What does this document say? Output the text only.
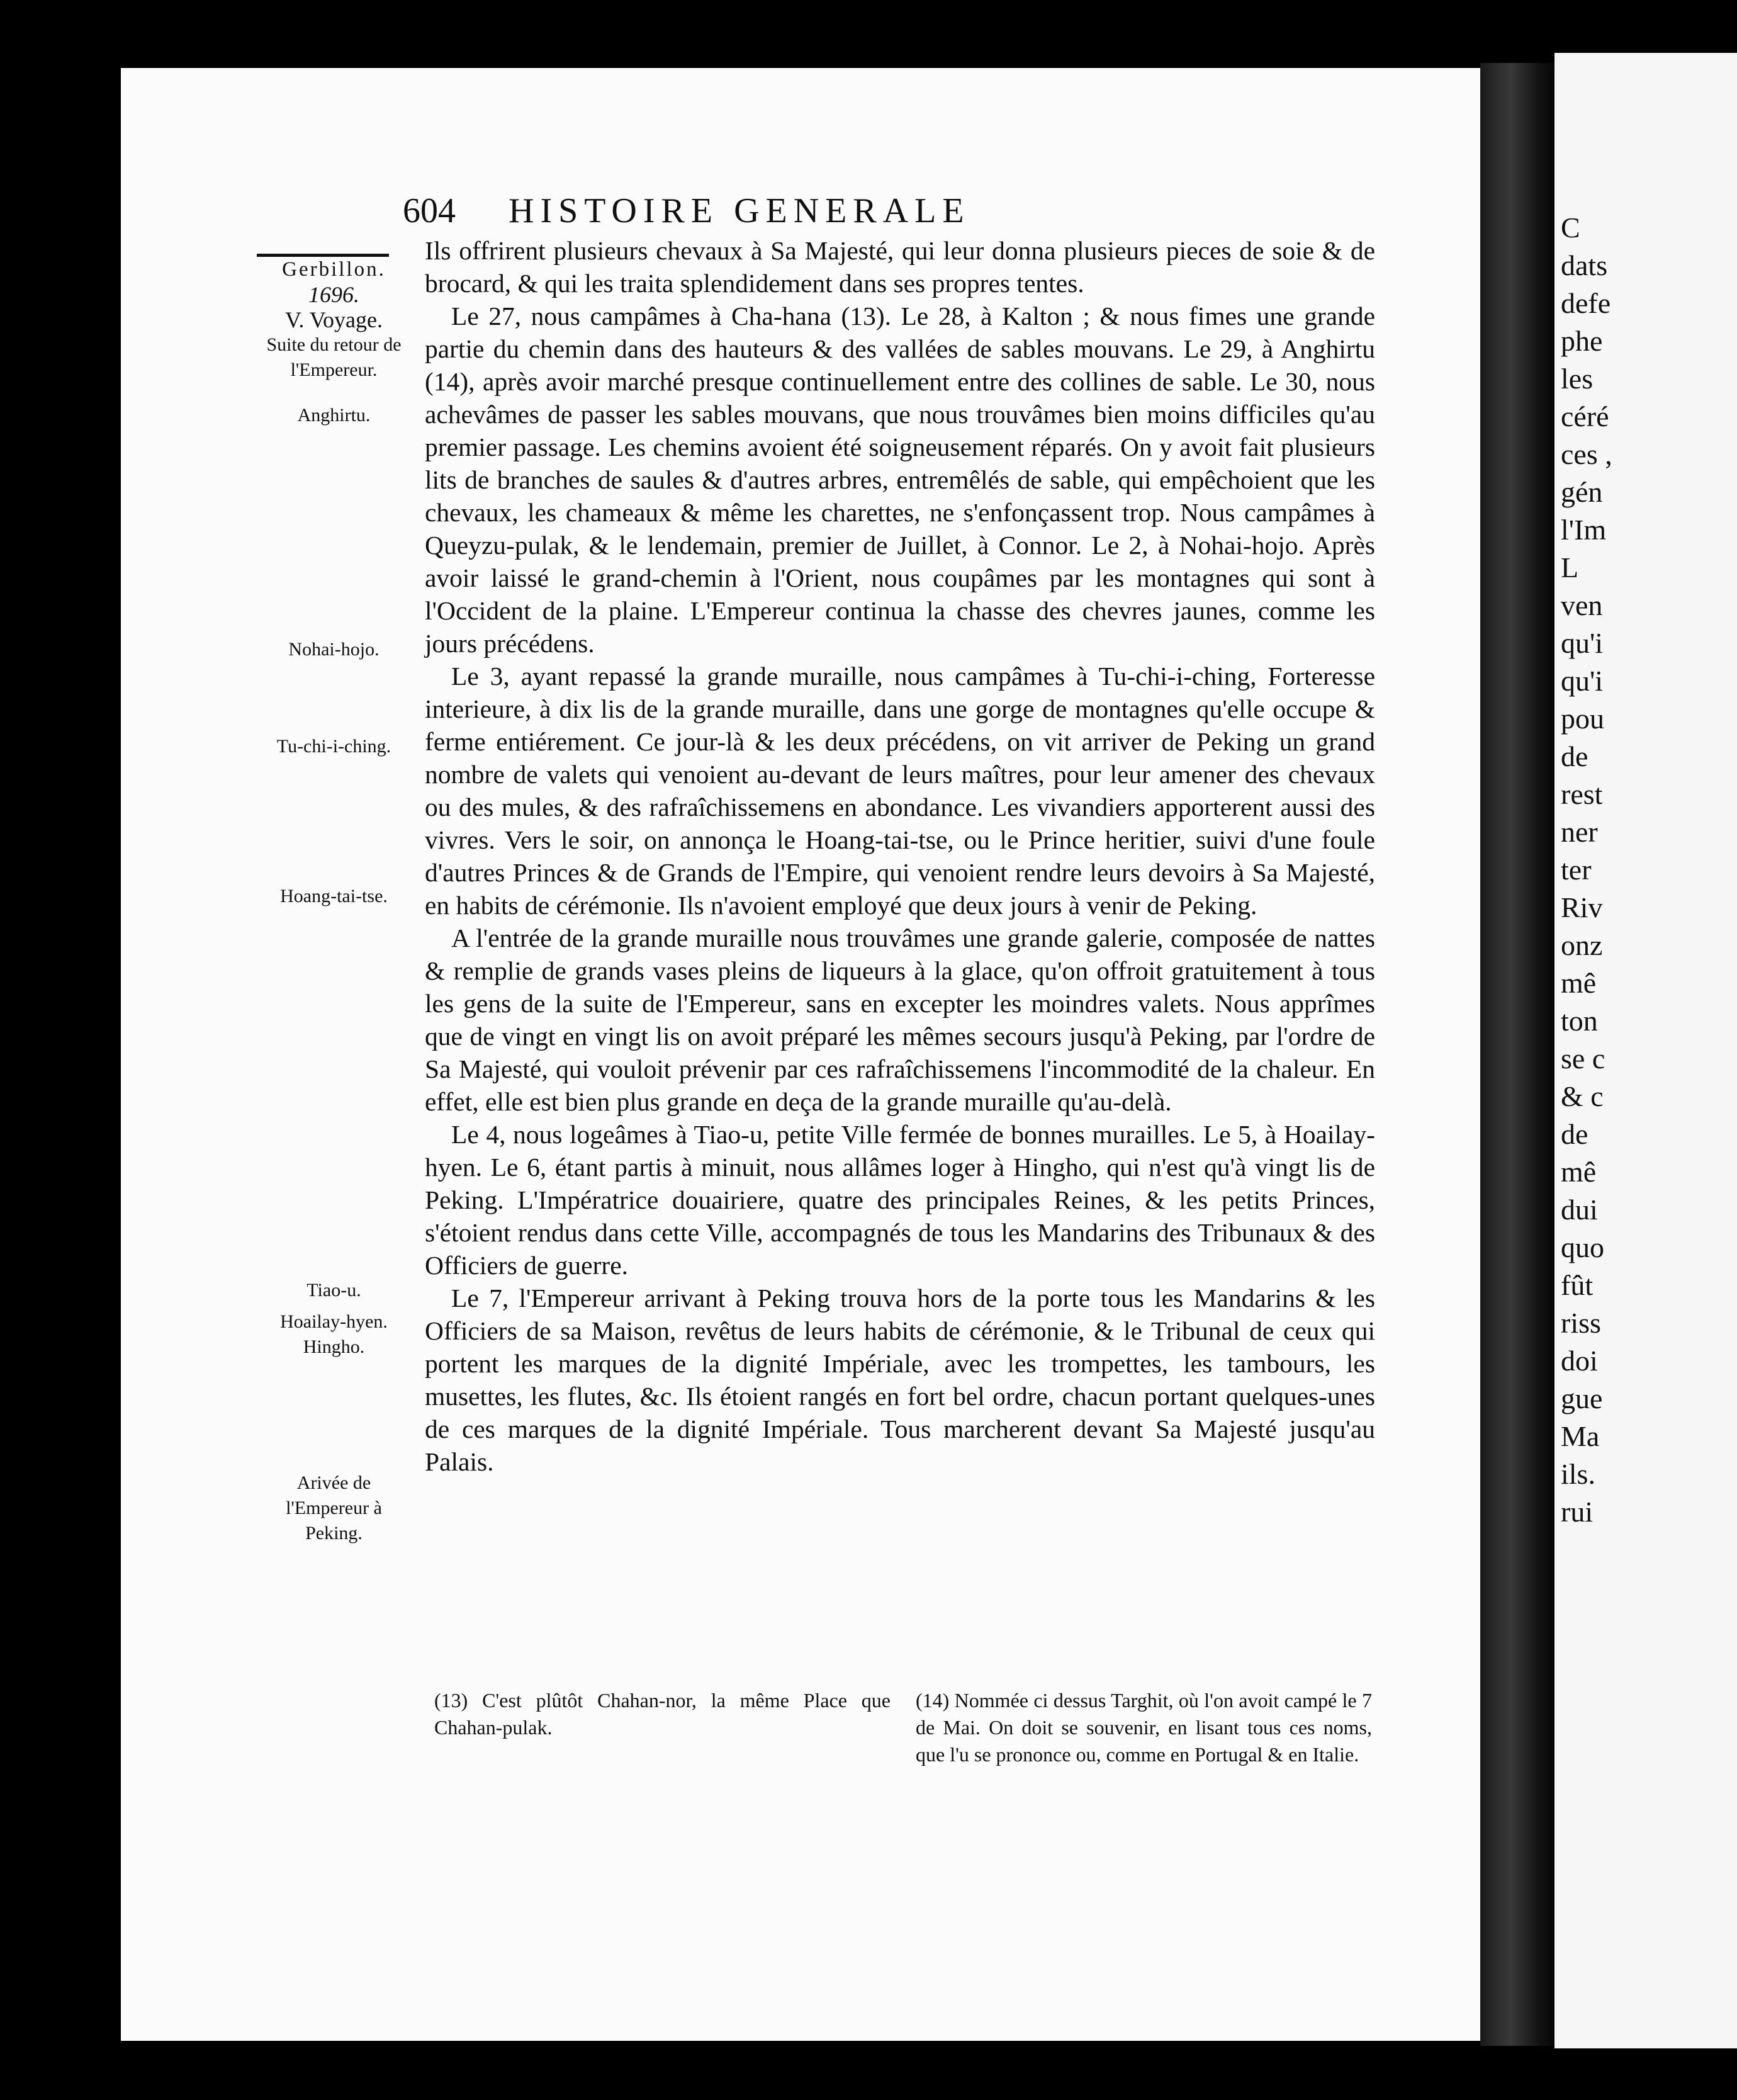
C
dats
defe
phe
les
céré
ces ,
gén
l'Im
L
ven
qu'i
qu'i
pou
de
rest
ner
ter
Riv
onz
mê
ton
se c
& c
de
mê
dui
quo
fût
riss
doi
gue
Ma
ils.
rui
604 HISTOIRE GENERALE
Gerbillon.
1696.
V. Voyage.
Suite du retour de l'Empereur.
Anghirtu.
Nohai-hojo.
Tu-chi-i-ching.
Hoang-tai-tse.
Tiao-u.
Hoailay-hyen.
Hingho.
Arivée de l'Empereur à Peking.

Ils offrirent plusieurs chevaux à Sa Majesté, qui leur donna plusieurs pieces de soie & de brocard, & qui les traita splendidement dans ses propres tentes.

Le 27, nous campâmes à Cha-hana (13). Le 28, à Kalton ; & nous fimes une grande partie du chemin dans des hauteurs & des vallées de sables mouvans. Le 29, à Anghirtu (14), après avoir marché presque continuellement entre des collines de sable. Le 30, nous achevâmes de passer les sables mouvans, que nous trouvâmes bien moins difficiles qu'au premier passage. Les chemins avoient été soigneusement réparés. On y avoit fait plusieurs lits de branches de saules & d'autres arbres, entremêlés de sable, qui empêchoient que les chevaux, les chameaux & même les charettes, ne s'enfonçassent trop. Nous campâmes à Queyzu-pulak, & le lendemain, premier de Juillet, à Connor. Le 2, à Nohai-hojo. Après avoir laissé le grand-chemin à l'Orient, nous coupâmes par les montagnes qui sont à l'Occident de la plaine. L'Empereur continua la chasse des chevres jaunes, comme les jours précédens.

Le 3, ayant repassé la grande muraille, nous campâmes à Tu-chi-i-ching, Forteresse interieure, à dix lis de la grande muraille, dans une gorge de montagnes qu'elle occupe & ferme entiérement. Ce jour-là & les deux précédens, on vit arriver de Peking un grand nombre de valets qui venoient au-devant de leurs maîtres, pour leur amener des chevaux ou des mules, & des rafraîchissemens en abondance. Les vivandiers apporterent aussi des vivres. Vers le soir, on annonça le Hoang-tai-tse, ou le Prince heritier, suivi d'une foule d'autres Princes & de Grands de l'Empire, qui venoient rendre leurs devoirs à Sa Majesté, en habits de cérémonie. Ils n'avoient employé que deux jours à venir de Peking.

A l'entrée de la grande muraille nous trouvâmes une grande galerie, composée de nattes & remplie de grands vases pleins de liqueurs à la glace, qu'on offroit gratuitement à tous les gens de la suite de l'Empereur, sans en excepter les moindres valets. Nous apprîmes que de vingt en vingt lis on avoit préparé les mêmes secours jusqu'à Peking, par l'ordre de Sa Majesté, qui vouloit prévenir par ces rafraîchissemens l'incommodité de la chaleur. En effet, elle est bien plus grande en deça de la grande muraille qu'au-delà.

Le 4, nous logeâmes à Tiao-u, petite Ville fermée de bonnes murailles. Le 5, à Hoailay-hyen. Le 6, étant partis à minuit, nous allâmes loger à Hingho, qui n'est qu'à vingt lis de Peking. L'Impératrice douairiere, quatre des principales Reines, & les petits Princes, s'étoient rendus dans cette Ville, accompagnés de tous les Mandarins des Tribunaux & des Officiers de guerre.

Le 7, l'Empereur arrivant à Peking trouva hors de la porte tous les Mandarins & les Officiers de sa Maison, revêtus de leurs habits de cérémonie, & le Tribunal de ceux qui portent les marques de la dignité Impériale, avec les trompettes, les tambours, les musettes, les flutes, &c. Ils étoient rangés en fort bel ordre, chacun portant quelques-unes de ces marques de la dignité Impériale. Tous marcherent devant Sa Majesté jusqu'au Palais.

(13) C'est plûtôt Chahan-nor, la même Place que Chahan-pulak.

(14) Nommée ci dessus Targhit, où l'on avoit campé le 7 de Mai. On doit se souvenir, en lisant tous ces noms, que l'u se prononce ou, comme en Portugal & en Italie.
